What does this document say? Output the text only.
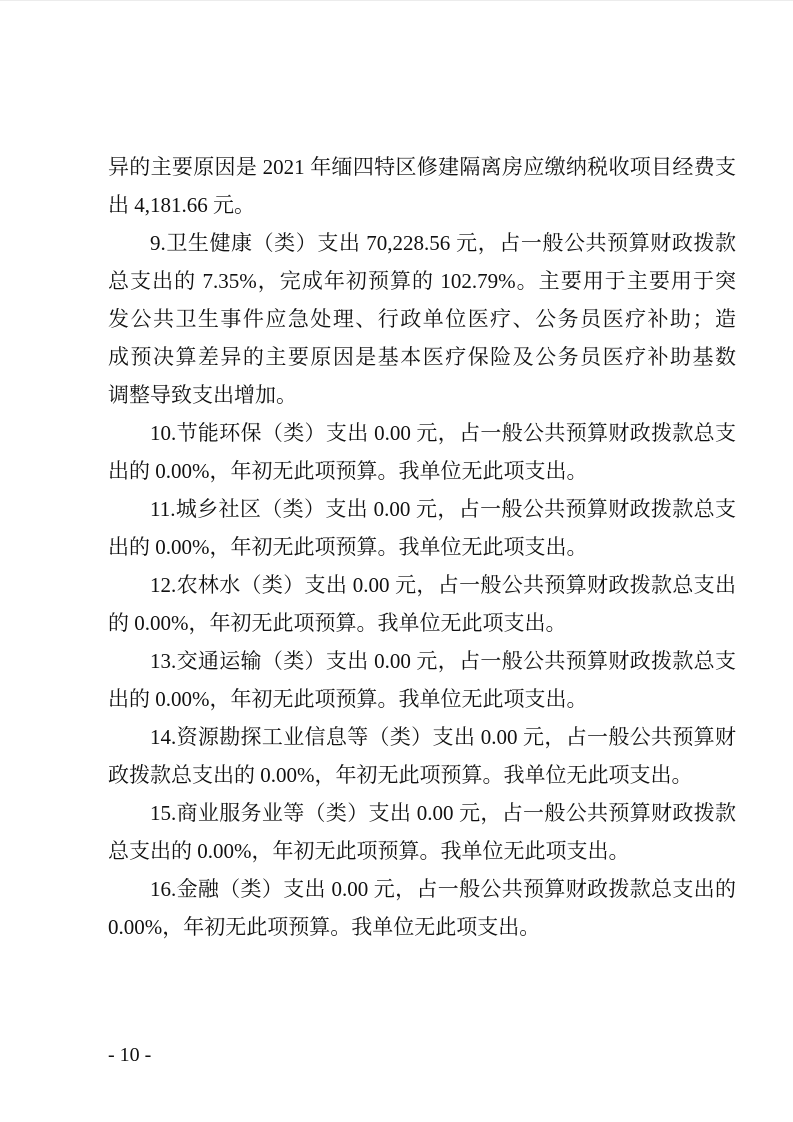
异的主要原因是 2021 年缅四特区修建隔离房应缴纳税收项目经费支
出 4,181.66 元。
9.卫生健康（类）支出 70,228.56 元，占一般公共预算财政拨款
总支出的 7.35%，完成年初预算的 102.79%。主要用于主要用于突
发公共卫生事件应急处理、行政单位医疗、公务员医疗补助；造
成预决算差异的主要原因是基本医疗保险及公务员医疗补助基数
调整导致支出增加。
10.节能环保（类）支出 0.00 元，占一般公共预算财政拨款总支
出的 0.00%，年初无此项预算。我单位无此项支出。
11.城乡社区（类）支出 0.00 元，占一般公共预算财政拨款总支
出的 0.00%，年初无此项预算。我单位无此项支出。
12.农林水（类）支出 0.00 元，占一般公共预算财政拨款总支出
的 0.00%，年初无此项预算。我单位无此项支出。
13.交通运输（类）支出 0.00 元，占一般公共预算财政拨款总支
出的 0.00%，年初无此项预算。我单位无此项支出。
14.资源勘探工业信息等（类）支出 0.00 元，占一般公共预算财
政拨款总支出的 0.00%，年初无此项预算。我单位无此项支出。
15.商业服务业等（类）支出 0.00 元，占一般公共预算财政拨款
总支出的 0.00%，年初无此项预算。我单位无此项支出。
16.金融（类）支出 0.00 元，占一般公共预算财政拨款总支出的
0.00%，年初无此项预算。我单位无此项支出。
- 10 -
